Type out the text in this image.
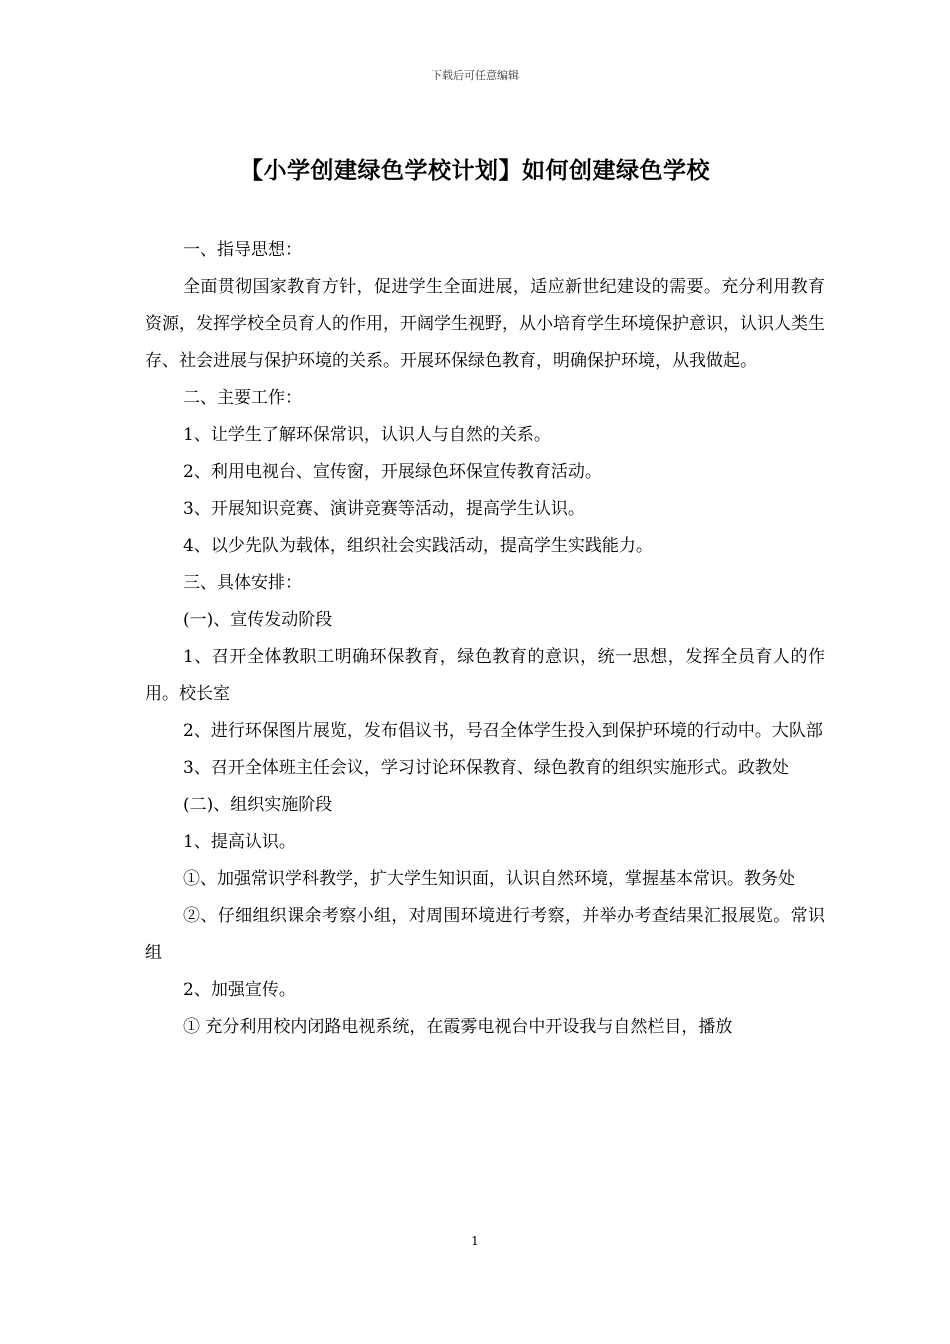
下载后可任意编辑
【小学创建绿色学校计划】如何创建绿色学校

一、指导思想：

全面贯彻国家教育方针，促进学生全面进展，适应新世纪建设的需要。充分利用教育资源，发挥学校全员育人的作用，开阔学生视野，从小培育学生环境保护意识，认识人类生存、社会进展与保护环境的关系。开展环保绿色教育，明确保护环境，从我做起。

二、主要工作：

1、让学生了解环保常识，认识人与自然的关系。

2、利用电视台、宣传窗，开展绿色环保宣传教育活动。

3、开展知识竞赛、演讲竞赛等活动，提高学生认识。

4、以少先队为载体，组织社会实践活动，提高学生实践能力。

三、具体安排：

(一)、宣传发动阶段

1、召开全体教职工明确环保教育，绿色教育的意识，统一思想，发挥全员育人的作用。校长室

2、进行环保图片展览，发布倡议书，号召全体学生投入到保护环境的行动中。大队部

3、召开全体班主任会议，学习讨论环保教育、绿色教育的组织实施形式。政教处

(二)、组织实施阶段

1、提高认识。

①、加强常识学科教学，扩大学生知识面，认识自然环境，掌握基本常识。教务处

②、仔细组织课余考察小组，对周围环境进行考察，并举办考查结果汇报展览。常识组

2、加强宣传。

① 充分利用校内闭路电视系统，在霞雾电视台中开设我与自然栏目，播放

1
